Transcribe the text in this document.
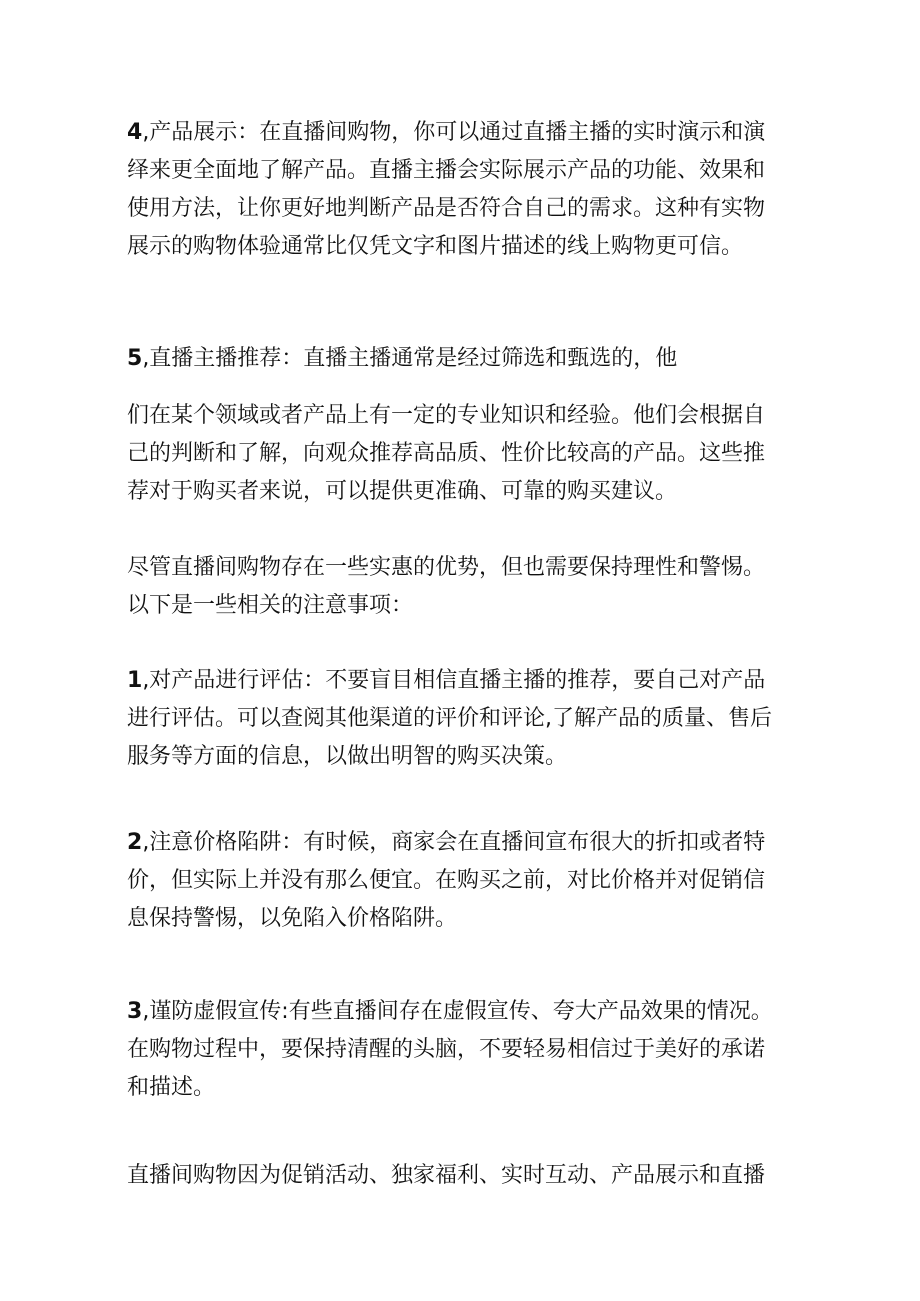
4,产品展示：在直播间购物，你可以通过直播主播的实时演示和演
绎来更全面地了解产品。直播主播会实际展示产品的功能、效果和
使用方法，让你更好地判断产品是否符合自己的需求。这种有实物
展示的购物体验通常比仅凭文字和图片描述的线上购物更可信。

5,直播主播推荐：直播主播通常是经过筛选和甄选的，他

们在某个领域或者产品上有一定的专业知识和经验。他们会根据自
己的判断和了解，向观众推荐高品质、性价比较高的产品。这些推
荐对于购买者来说，可以提供更准确、可靠的购买建议。

尽管直播间购物存在一些实惠的优势，但也需要保持理性和警惕。
以下是一些相关的注意事项：

1,对产品进行评估：不要盲目相信直播主播的推荐，要自己对产品
进行评估。可以查阅其他渠道的评价和评论,了解产品的质量、售后
服务等方面的信息，以做出明智的购买决策。

2,注意价格陷阱：有时候，商家会在直播间宣布很大的折扣或者特
价，但实际上并没有那么便宜。在购买之前，对比价格并对促销信
息保持警惕，以免陷入价格陷阱。

3,谨防虚假宣传:有些直播间存在虚假宣传、夸大产品效果的情况。
在购物过程中，要保持清醒的头脑，不要轻易相信过于美好的承诺
和描述。

直播间购物因为促销活动、独家福利、实时互动、产品展示和直播
